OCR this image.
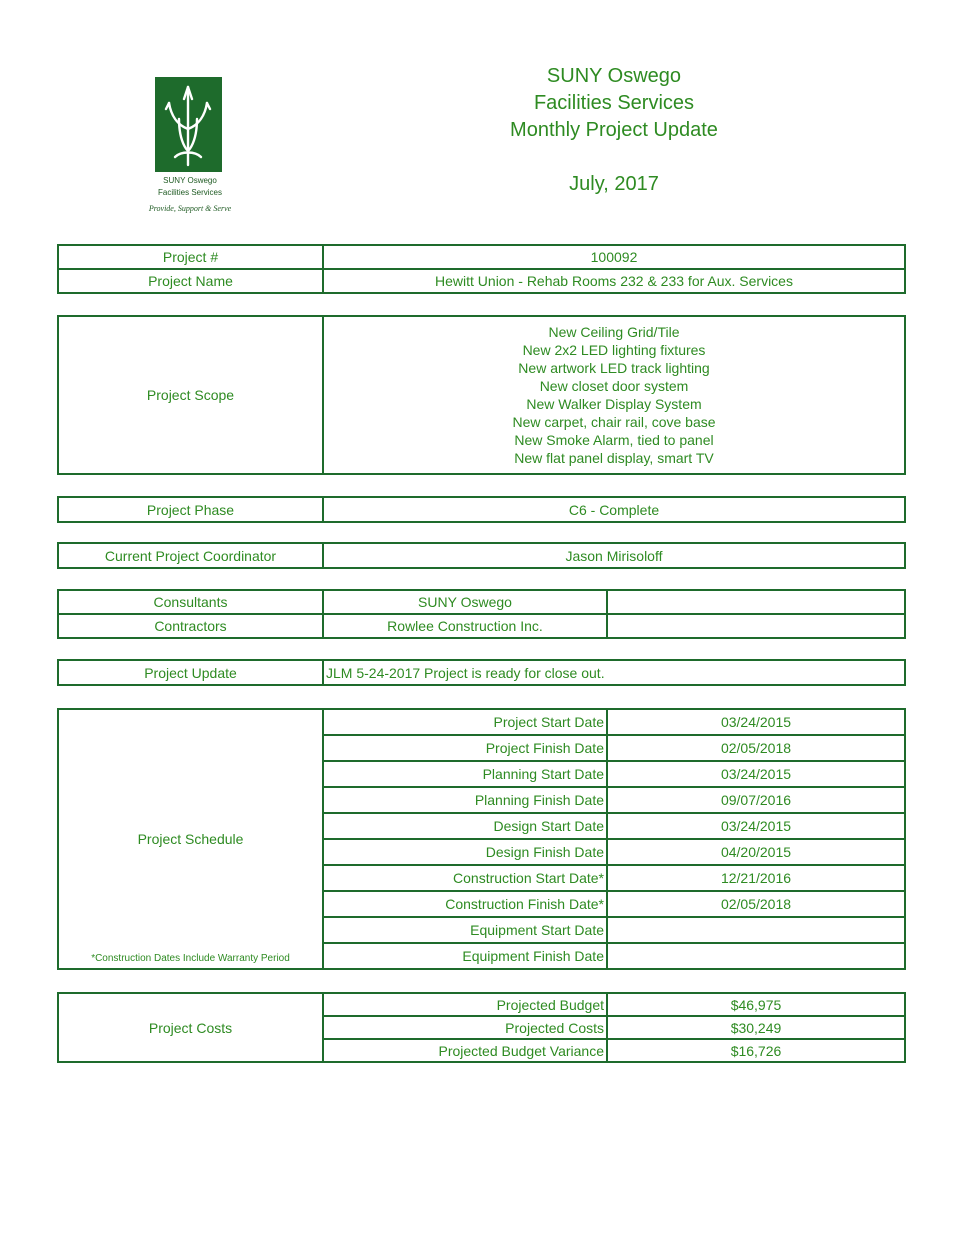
SUNY Oswego
Facilities Services
Provide, Support & Serve
SUNY Oswego
Facilities Services
Monthly Project Update
July, 2017
Project #	100092
Project Name	Hewitt Union - Rehab Rooms 232 & 233 for Aux. Services
Project Scope	
New Ceiling Grid/Tile
New 2x2 LED lighting fixtures
New artwork LED track lighting
New closet door system
New Walker Display System
New carpet, chair rail, cove base
New Smoke Alarm, tied to panel
New flat panel display, smart TV
Project Phase	C6 - Complete
Current Project Coordinator	Jason Mirisoloff
Consultants	SUNY Oswego	
Contractors	Rowlee Construction Inc.	
Project Update	JLM 5-24-2017 Project is ready for close out.
Project Schedule
*Construction Dates Include Warranty Period	Project Start Date	03/24/2015
	Project Finish Date	02/05/2018
	Planning Start Date	03/24/2015
	Planning Finish Date	09/07/2016
	Design Start Date	03/24/2015
	Design Finish Date	04/20/2015
	Construction Start Date*	12/21/2016
	Construction Finish Date*	02/05/2018
	Equipment Start Date	
	Equipment Finish Date	
Project Costs	Projected Budget	$46,975
	Projected Costs	$30,249
	Projected Budget Variance	$16,726
